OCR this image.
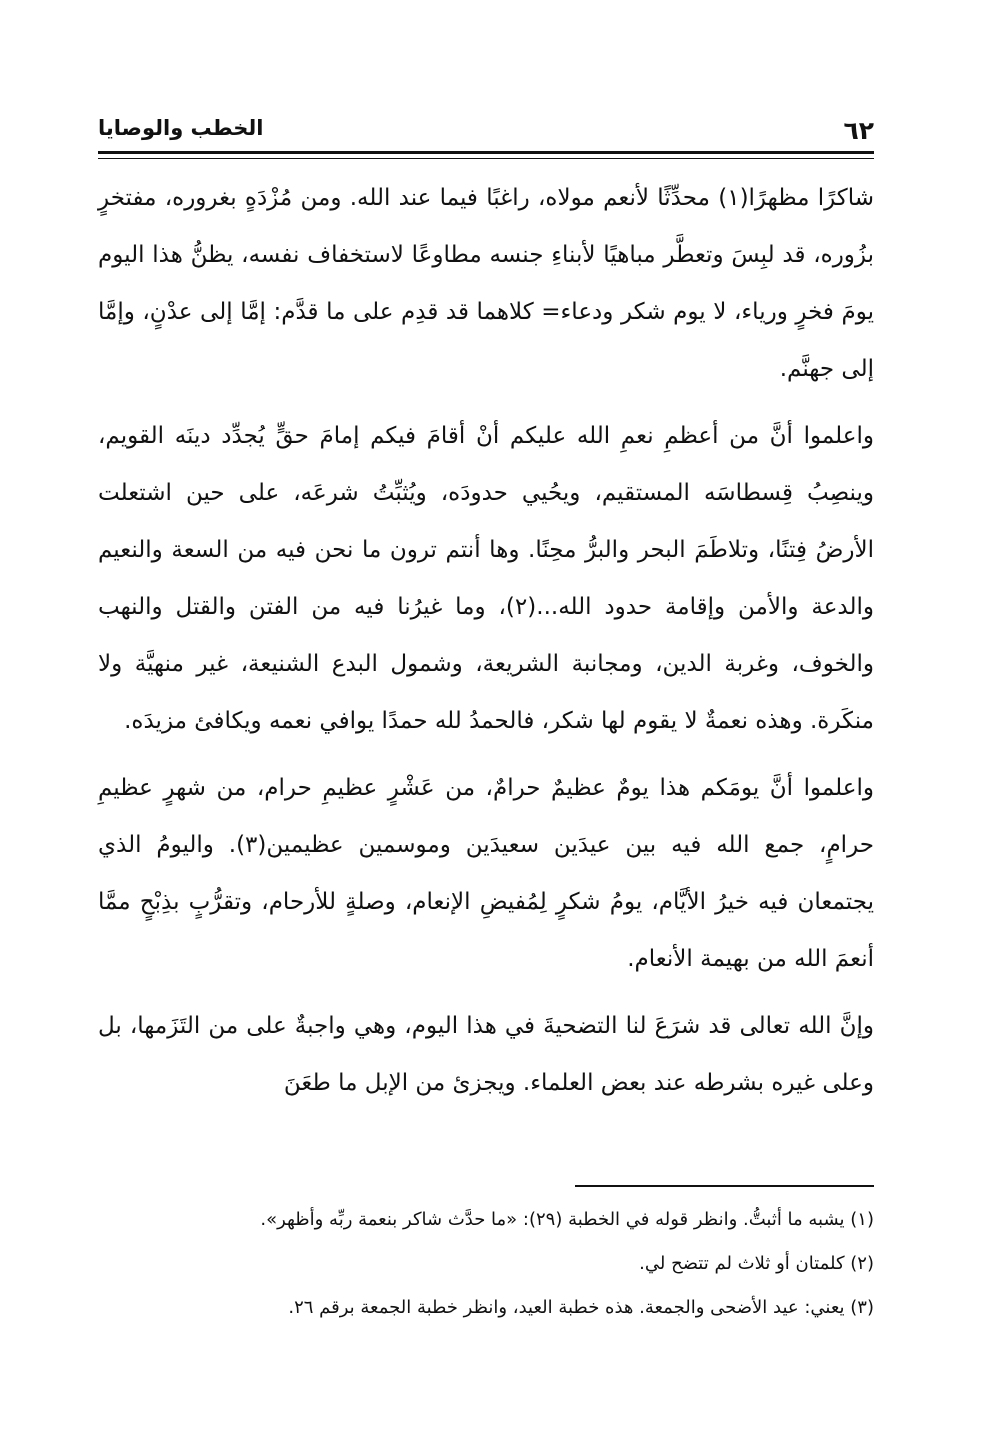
٦٢
الخطب والوصايا

شاكرًا مظهرًا(١) محدِّثًا لأنعم مولاه، راغبًا فيما عند الله. ومن مُزْدَهٍ بغروره، مفتخرٍ بزُوره، قد لبِسَ وتعطَّر مباهيًا لأبناءِ جنسه مطاوعًا لاستخفاف نفسه، يظنُّ هذا اليوم يومَ فخرٍ ورياء، لا يوم شكر ودعاء= كلاهما قد قدِم على ما قدَّم: إمَّا إلى عدْنٍ، وإمَّا إلى جهنَّم.

واعلموا أنَّ من أعظمِ نعمِ الله عليكم أنْ أقامَ فيكم إمامَ حقٍّ يُجدِّد دينَه القويم، وينصِبُ قِسطاسَه المستقيم، ويحُيي حدودَه، ويُثبِّتُ شرعَه، على حين اشتعلت الأرضُ فِتنًا، وتلاطَمَ البحر والبرُّ محِنًا. وها أنتم ترون ما نحن فيه من السعة والنعيم والدعة والأمن وإقامة حدود الله...(٢)، وما غيرُنا فيه من الفتن والقتل والنهب والخوف، وغربة الدين، ومجانبة الشريعة، وشمول البدع الشنيعة، غير منهيَّة ولا منكَرة. وهذه نعمةٌ لا يقوم لها شكر، فالحمدُ لله حمدًا يوافي نعمه ويكافئ مزيدَه.

واعلموا أنَّ يومَكم هذا يومٌ عظيمٌ حرامٌ، من عَشْرٍ عظيمِ حرام، من شهرٍ عظيمِ حرامٍ، جمع الله فيه بين عيدَين سعيدَين وموسمين عظيمين(٣). واليومُ الذي يجتمعان فيه خيرُ الأيَّام، يومُ شكرٍ لِمُفيضِ الإنعام، وصلةٍ للأرحام، وتقرُّبٍ بذِبْحٍ ممَّا أنعمَ الله من بهيمة الأنعام.

وإنَّ الله تعالى قد شرَعَ لنا التضحيةَ في هذا اليوم، وهي واجبةٌ على من التَزَمها، بل وعلى غيره بشرطه عند بعض العلماء. ويجزئ من الإبل ما طعَنَ

(١) يشبه ما أثبتُّ. وانظر قوله في الخطبة (٢٩): «ما حدَّث شاكر بنعمة ربِّه وأظهر».

(٢) كلمتان أو ثلاث لم تتضح لي.

(٣) يعني: عيد الأضحى والجمعة. هذه خطبة العيد، وانظر خطبة الجمعة برقم ٢٦.
